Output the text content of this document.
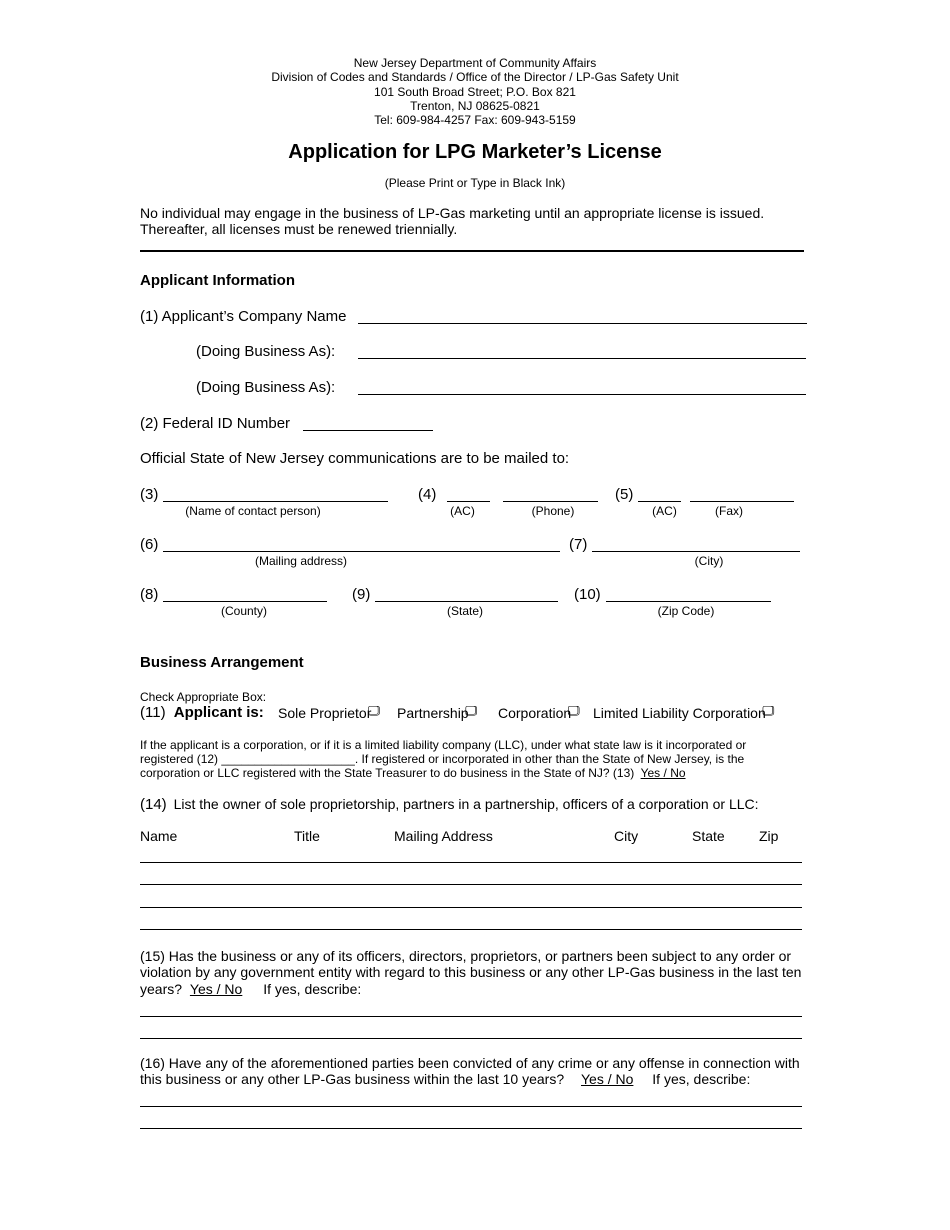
New Jersey Department of Community Affairs
Division of Codes and Standards / Office of the Director / LP-Gas Safety Unit
101 South Broad Street; P.O. Box 821
Trenton, NJ 08625-0821
Tel: 609-984-4257 Fax: 609-943-5159
Application for LPG Marketer’s License
(Please Print or Type in Black Ink)
No individual may engage in the business of LP-Gas marketing until an appropriate license is issued.
Thereafter, all licenses must be renewed triennially.
Applicant Information
(1) Applicant’s Company Name
(Doing Business As):
(Doing Business As):
(2) Federal ID Number
Official State of New Jersey communications are to be mailed to:
(3)
(Name of contact person)
(4)
(AC)	(Phone)
(5)
(AC)	(Fax)
(6)
(Mailing address)
(7)
(City)
(8)
(County)
(9)
(State)
(10)
(Zip Code)
Business Arrangement
Check Appropriate Box:
(11) Applicant is: Sole Proprietor Partnership Corporation Limited Liability Corporation
If the applicant is a corporation, or if it is a limited liability company (LLC), under what state law is it incorporated or
registered (12) ____________________. If registered or incorporated in other than the State of New Jersey, is the
corporation or LLC registered with the State Treasurer to do business in the State of NJ? (13) Yes / No
(14) List the owner of sole proprietorship, partners in a partnership, officers of a corporation or LLC:
Name	Title	Mailing Address	City	State Zip
(15) Has the business or any of its officers, directors, proprietors, or partners been subject to any order or
violation by any government entity with regard to this business or any other LP-Gas business in the last ten
years? Yes / No If yes, describe:
(16) Have any of the aforementioned parties been convicted of any crime or any offense in connection with
this business or any other LP-Gas business within the last 10 years? Yes / No If yes, describe:
